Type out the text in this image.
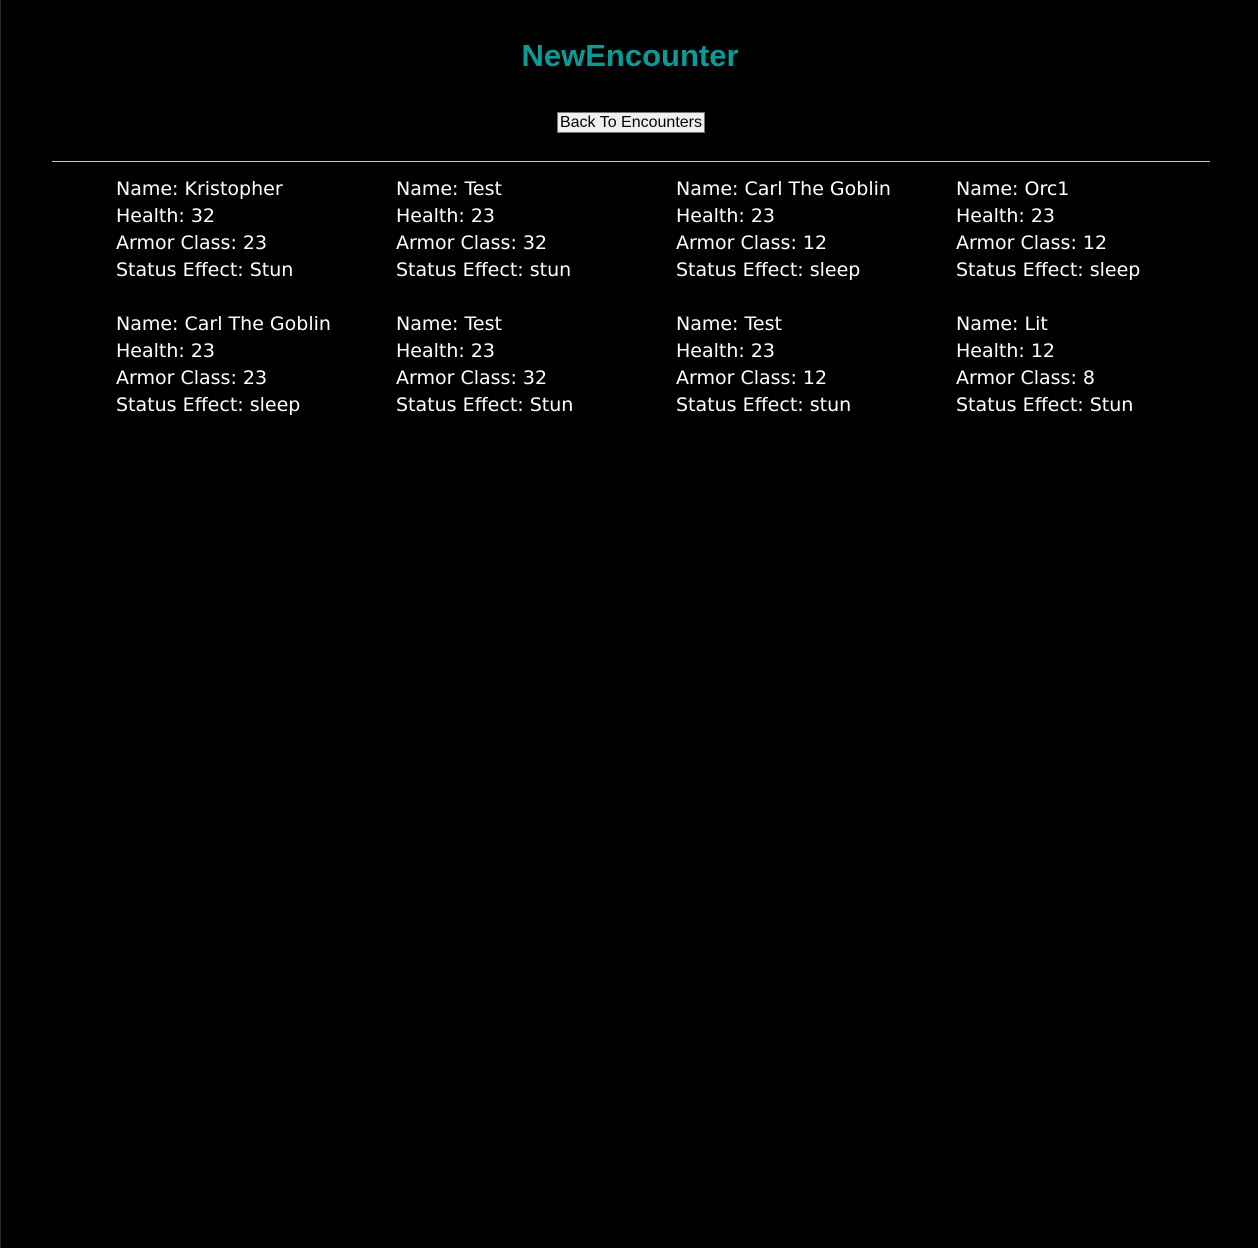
NewEncounter
Back To Encounters
Name: Kristopher
Health: 32
Armor Class: 23
Status Effect: Stun
Name: Test
Health: 23
Armor Class: 32
Status Effect: stun
Name: Carl The Goblin
Health: 23
Armor Class: 12
Status Effect: sleep
Name: Orc1
Health: 23
Armor Class: 12
Status Effect: sleep
Name: Carl The Goblin
Health: 23
Armor Class: 23
Status Effect: sleep
Name: Test
Health: 23
Armor Class: 32
Status Effect: Stun
Name: Test
Health: 23
Armor Class: 12
Status Effect: stun
Name: Lit
Health: 12
Armor Class: 8
Status Effect: Stun
